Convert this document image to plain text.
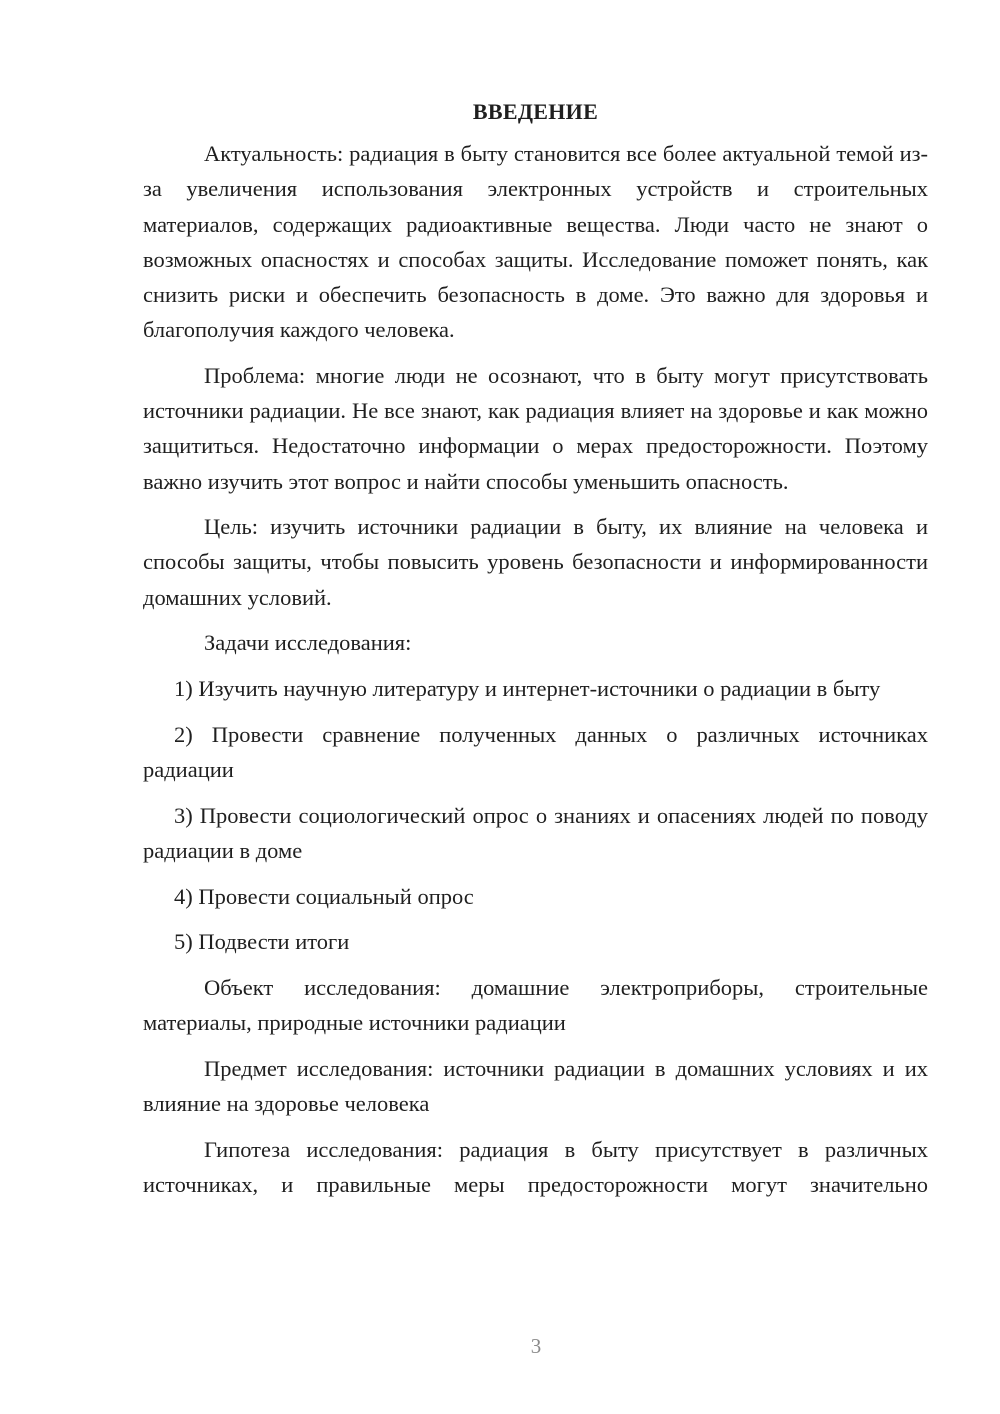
ВВЕДЕНИЕ

Актуальность: радиация в быту становится все более актуальной темой из-за увеличения использования электронных устройств и строительных материалов, содержащих радиоактивные вещества. Люди часто не знают о возможных опасностях и способах защиты. Исследование поможет понять, как снизить риски и обеспечить безопасность в доме. Это важно для здоровья и благополучия каждого человека.

Проблема: многие люди не осознают, что в быту могут присутствовать источники радиации. Не все знают, как радиация влияет на здоровье и как можно защититься. Недостаточно информации о мерах предосторожности. Поэтому важно изучить этот вопрос и найти способы уменьшить опасность.

Цель: изучить источники радиации в быту, их влияние на человека и способы защиты, чтобы повысить уровень безопасности и информированности домашних условий.

Задачи исследования:

1) Изучить научную литературу и интернет-источники о радиации в быту

2) Провести сравнение полученных данных о различных источниках радиации

3) Провести социологический опрос о знаниях и опасениях людей по поводу радиации в доме

4) Провести социальный опрос

5) Подвести итоги

Объект исследования: домашние электроприборы, строительные материалы, природные источники радиации

Предмет исследования: источники радиации в домашних условиях и их влияние на здоровье человека

Гипотеза исследования: радиация в быту присутствует в различных источниках, и правильные меры предосторожности могут значительно

3
